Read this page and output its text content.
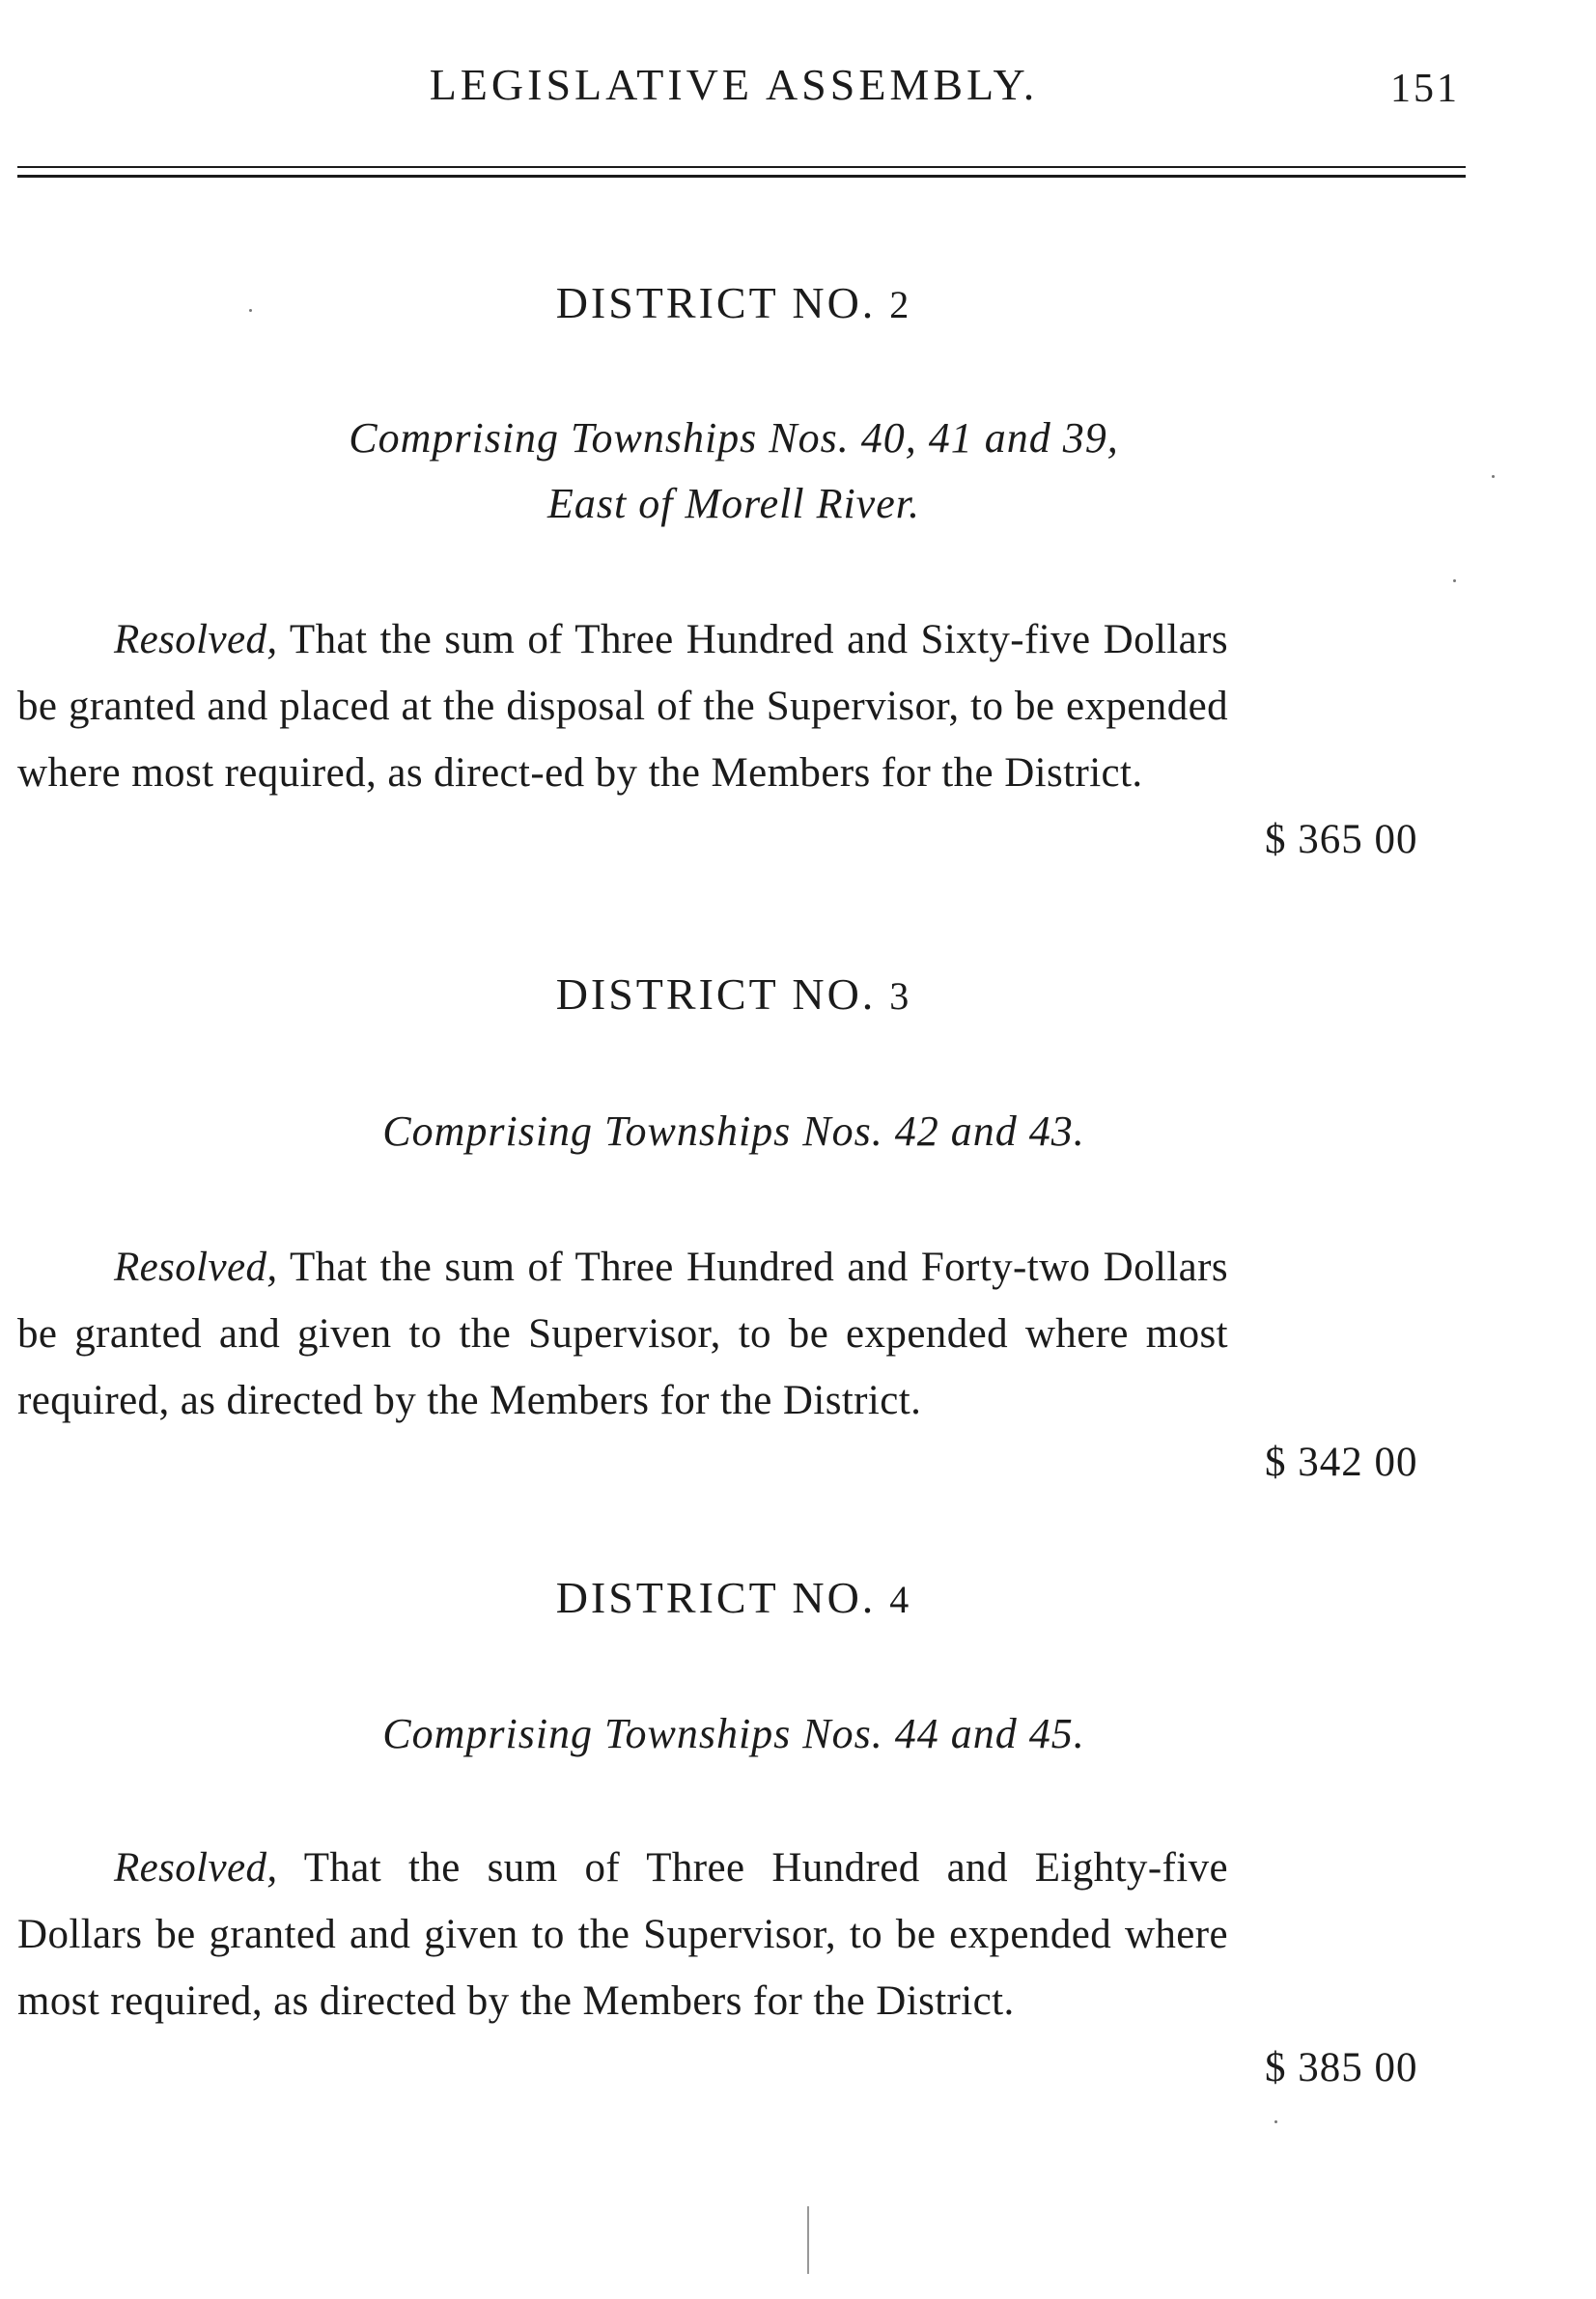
LEGISLATIVE ASSEMBLY.	151
DISTRICT NO. 2
Comprising Townships Nos. 40, 41 and 39,
East of Morell River.
Resolved, That the sum of Three Hundred and Sixty-five Dollars be granted and placed at the disposal of the Supervisor, to be expended where most required, as direct-ed by the Members for the District.
$ 365 00
DISTRICT NO. 3
Comprising Townships Nos. 42 and 43.
Resolved, That the sum of Three Hundred and Forty-two Dollars be granted and given to the Supervisor, to be expended where most required, as directed by the Members for the District.
$ 342 00
DISTRICT NO. 4
Comprising Townships Nos. 44 and 45.
Resolved, That the sum of Three Hundred and Eighty-five Dollars be granted and given to the Supervisor, to be expended where most required, as directed by the Members for the District.
$ 385 00
